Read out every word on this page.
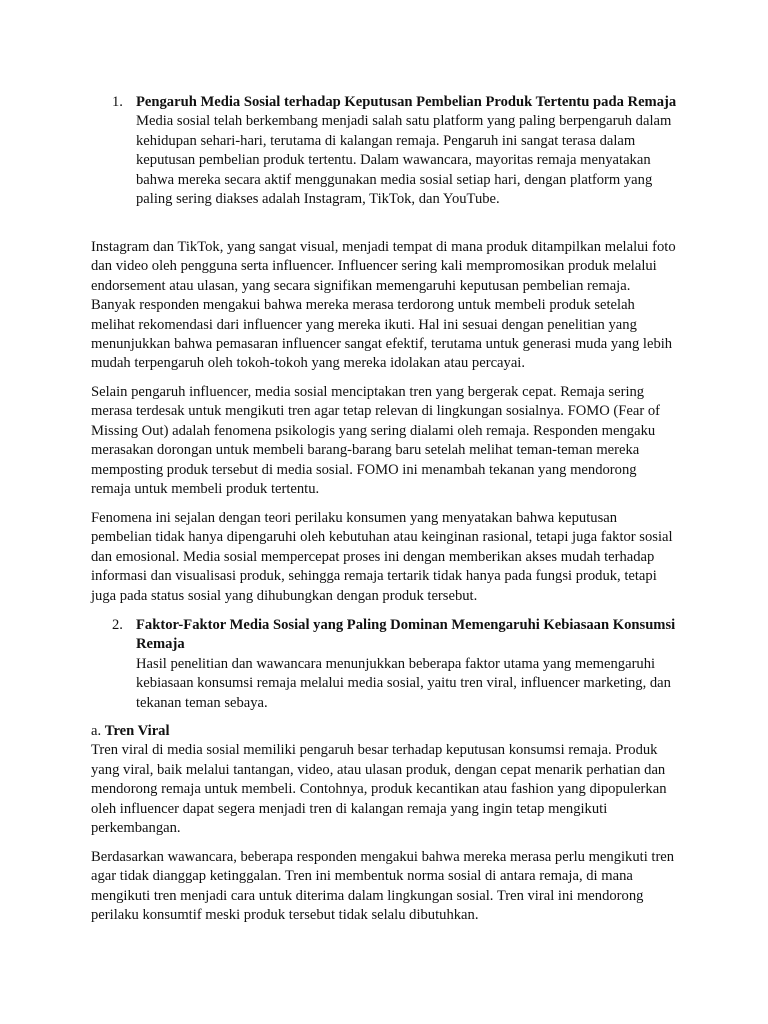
1. Pengaruh Media Sosial terhadap Keputusan Pembelian Produk Tertentu pada Remaja
Media sosial telah berkembang menjadi salah satu platform yang paling berpengaruh dalam kehidupan sehari-hari, terutama di kalangan remaja. Pengaruh ini sangat terasa dalam keputusan pembelian produk tertentu. Dalam wawancara, mayoritas remaja menyatakan bahwa mereka secara aktif menggunakan media sosial setiap hari, dengan platform yang paling sering diakses adalah Instagram, TikTok, dan YouTube.

Instagram dan TikTok, yang sangat visual, menjadi tempat di mana produk ditampilkan melalui foto dan video oleh pengguna serta influencer. Influencer sering kali mempromosikan produk melalui endorsement atau ulasan, yang secara signifikan memengaruhi keputusan pembelian remaja. Banyak responden mengakui bahwa mereka merasa terdorong untuk membeli produk setelah melihat rekomendasi dari influencer yang mereka ikuti. Hal ini sesuai dengan penelitian yang menunjukkan bahwa pemasaran influencer sangat efektif, terutama untuk generasi muda yang lebih mudah terpengaruh oleh tokoh-tokoh yang mereka idolakan atau percayai.

Selain pengaruh influencer, media sosial menciptakan tren yang bergerak cepat. Remaja sering merasa terdesak untuk mengikuti tren agar tetap relevan di lingkungan sosialnya. FOMO (Fear of Missing Out) adalah fenomena psikologis yang sering dialami oleh remaja. Responden mengaku merasakan dorongan untuk membeli barang-barang baru setelah melihat teman-teman mereka memposting produk tersebut di media sosial. FOMO ini menambah tekanan yang mendorong remaja untuk membeli produk tertentu.

Fenomena ini sejalan dengan teori perilaku konsumen yang menyatakan bahwa keputusan pembelian tidak hanya dipengaruhi oleh kebutuhan atau keinginan rasional, tetapi juga faktor sosial dan emosional. Media sosial mempercepat proses ini dengan memberikan akses mudah terhadap informasi dan visualisasi produk, sehingga remaja tertarik tidak hanya pada fungsi produk, tetapi juga pada status sosial yang dihubungkan dengan produk tersebut.

2. Faktor-Faktor Media Sosial yang Paling Dominan Memengaruhi Kebiasaan Konsumsi Remaja
Hasil penelitian dan wawancara menunjukkan beberapa faktor utama yang memengaruhi kebiasaan konsumsi remaja melalui media sosial, yaitu tren viral, influencer marketing, dan tekanan teman sebaya.
a. Tren Viral
Tren viral di media sosial memiliki pengaruh besar terhadap keputusan konsumsi remaja. Produk yang viral, baik melalui tantangan, video, atau ulasan produk, dengan cepat menarik perhatian dan mendorong remaja untuk membeli. Contohnya, produk kecantikan atau fashion yang dipopulerkan oleh influencer dapat segera menjadi tren di kalangan remaja yang ingin tetap mengikuti perkembangan.

Berdasarkan wawancara, beberapa responden mengakui bahwa mereka merasa perlu mengikuti tren agar tidak dianggap ketinggalan. Tren ini membentuk norma sosial di antara remaja, di mana mengikuti tren menjadi cara untuk diterima dalam lingkungan sosial. Tren viral ini mendorong perilaku konsumtif meski produk tersebut tidak selalu dibutuhkan.
